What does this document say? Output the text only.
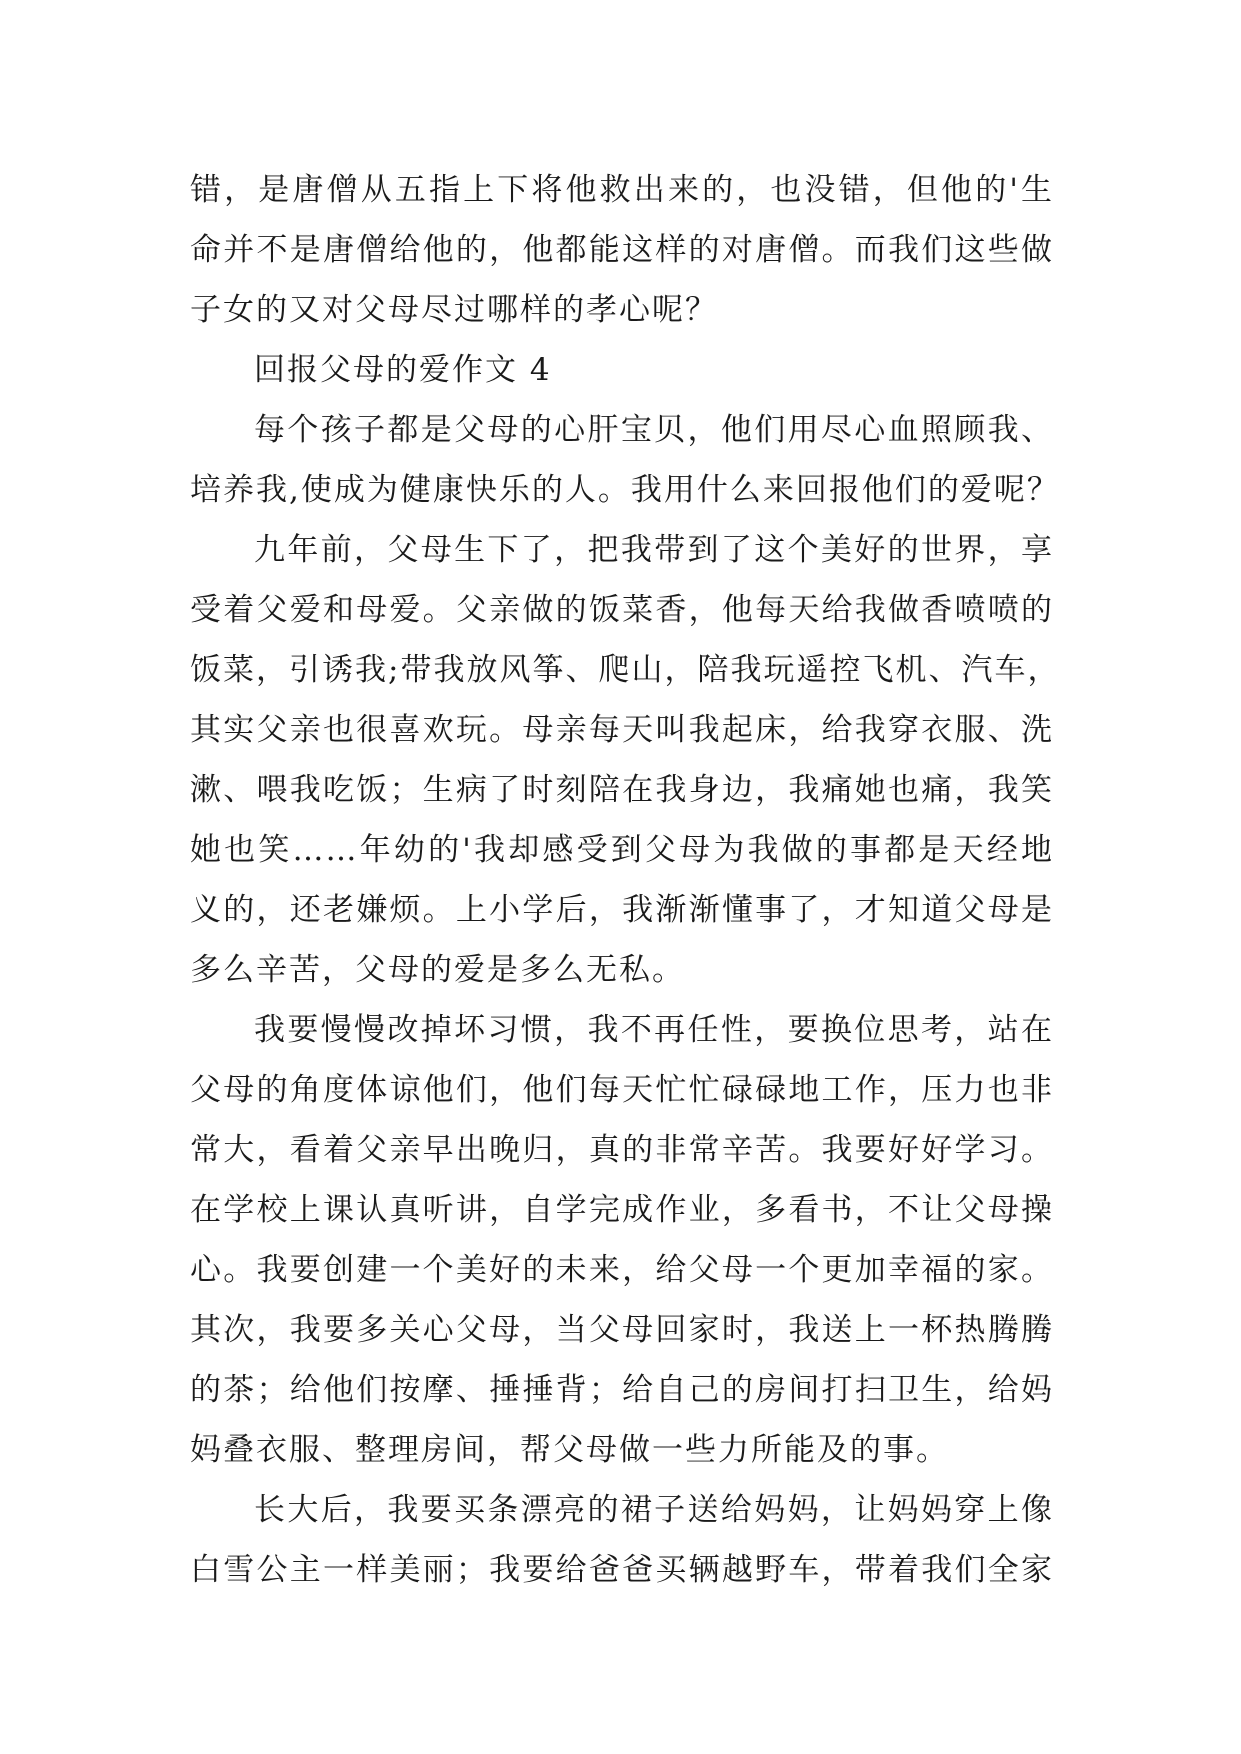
错，是唐僧从五指上下将他救出来的，也没错，但他的'生
命并不是唐僧给他的，他都能这样的对唐僧。而我们这些做
子女的又对父母尽过哪样的孝心呢？
回报父母的爱作文 4
每个孩子都是父母的心肝宝贝，他们用尽心血照顾我、
培养我,使成为健康快乐的人。我用什么来回报他们的爱呢？
九年前，父母生下了，把我带到了这个美好的世界，享
受着父爱和母爱。父亲做的饭菜香，他每天给我做香喷喷的
饭菜，引诱我;带我放风筝、爬山，陪我玩遥控飞机、汽车，
其实父亲也很喜欢玩。母亲每天叫我起床，给我穿衣服、洗
漱、喂我吃饭；生病了时刻陪在我身边，我痛她也痛，我笑
她也笑……年幼的'我却感受到父母为我做的事都是天经地
义的，还老嫌烦。上小学后，我渐渐懂事了，才知道父母是
多么辛苦，父母的爱是多么无私。
我要慢慢改掉坏习惯，我不再任性，要换位思考，站在
父母的角度体谅他们，他们每天忙忙碌碌地工作，压力也非
常大，看着父亲早出晚归，真的非常辛苦。我要好好学习。
在学校上课认真听讲，自学完成作业，多看书，不让父母操
心。我要创建一个美好的未来，给父母一个更加幸福的家。
其次，我要多关心父母，当父母回家时，我送上一杯热腾腾
的茶；给他们按摩、捶捶背；给自己的房间打扫卫生，给妈
妈叠衣服、整理房间，帮父母做一些力所能及的事。
长大后，我要买条漂亮的裙子送给妈妈，让妈妈穿上像
白雪公主一样美丽；我要给爸爸买辆越野车，带着我们全家
